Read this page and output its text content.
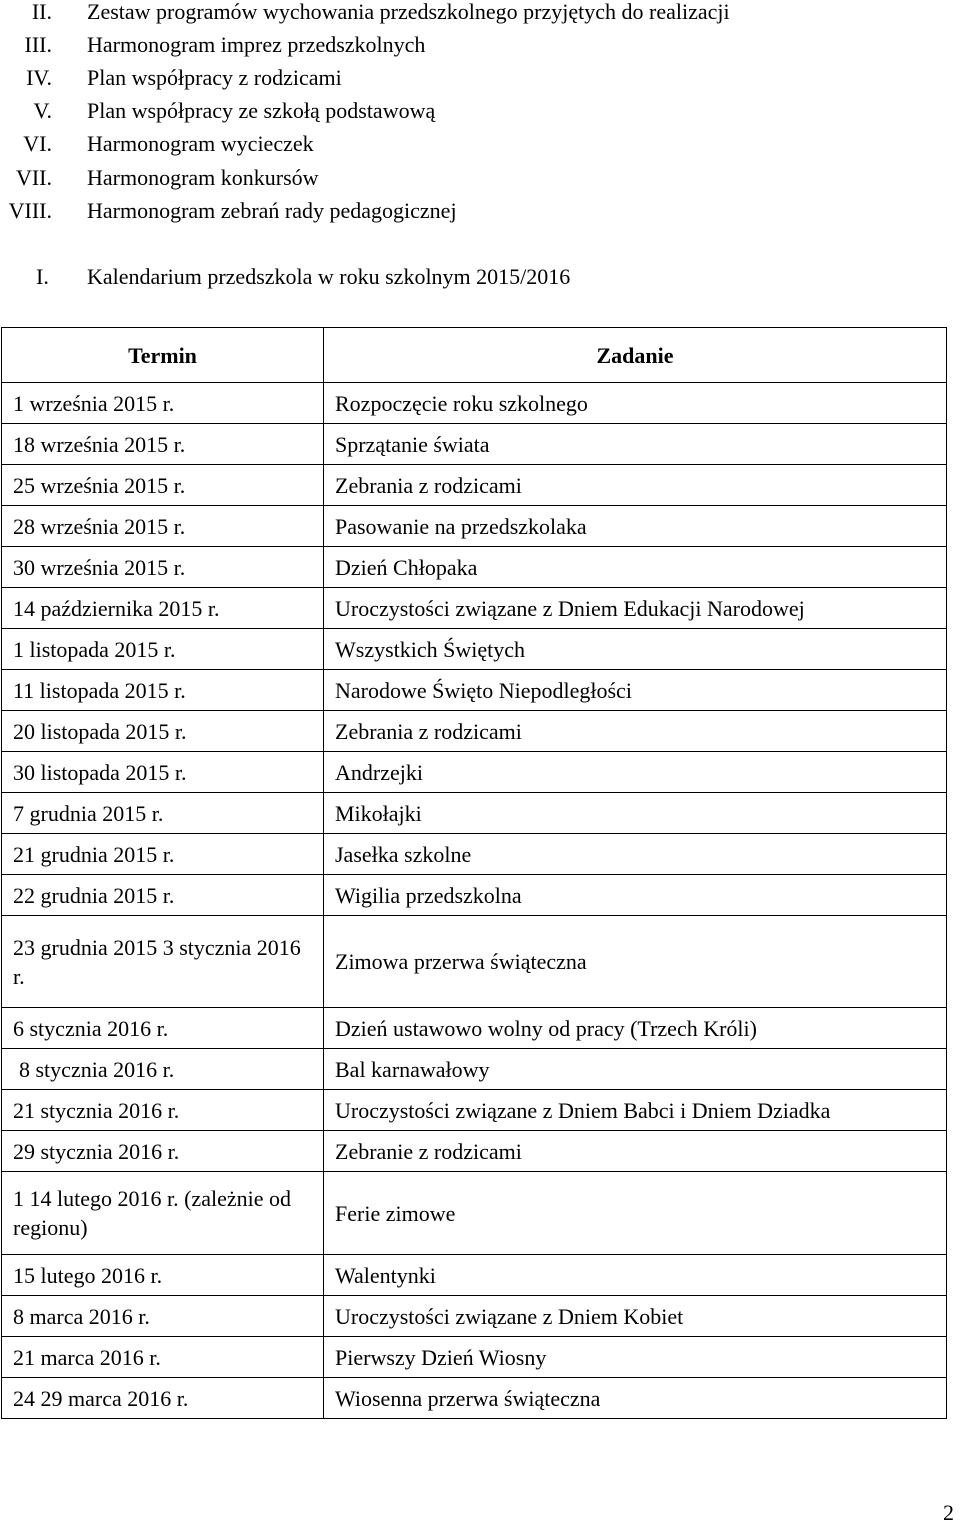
II. Zestaw programów wychowania przedszkolnego przyjętych do realizacji
III. Harmonogram imprez przedszkolnych
IV. Plan współpracy z rodzicami
V. Plan współpracy ze szkołą podstawową
VI. Harmonogram wycieczek
VII. Harmonogram konkursów
VIII. Harmonogram zebrań rady pedagogicznej
I. Kalendarium przedszkola w roku szkolnym 2015/2016
Termin	Zadanie
1 września 2015 r.	Rozpoczęcie roku szkolnego
18 września 2015 r.	Sprzątanie świata
25 września 2015 r.	Zebrania z rodzicami
28 września 2015 r.	Pasowanie na przedszkolaka
30 września 2015 r.	Dzień Chłopaka
14 października 2015 r.	Uroczystości związane z Dniem Edukacji Narodowej
1 listopada 2015 r.	Wszystkich Świętych
11 listopada 2015 r.	Narodowe Święto Niepodległości
20 listopada 2015 r.	Zebrania z rodzicami
30 listopada 2015 r.	Andrzejki
7 grudnia 2015 r.	Mikołajki
21 grudnia 2015 r.	Jasełka szkolne
22 grudnia 2015 r.	Wigilia przedszkolna
23 grudnia 2015 3 stycznia 2016 r.	Zimowa przerwa świąteczna
6 stycznia 2016 r.	Dzień ustawowo wolny od pracy (Trzech Króli)
8 stycznia 2016 r.	Bal karnawałowy
21 stycznia 2016 r.	Uroczystości związane z Dniem Babci i Dniem Dziadka
29 stycznia 2016 r.	Zebranie z rodzicami
1 14 lutego 2016 r. (zależnie od regionu)	Ferie zimowe
15 lutego 2016 r.	Walentynki
8 marca 2016 r.	Uroczystości związane z Dniem Kobiet
21 marca 2016 r.	Pierwszy Dzień Wiosny
24 29 marca 2016 r.	Wiosenna przerwa świąteczna
2
